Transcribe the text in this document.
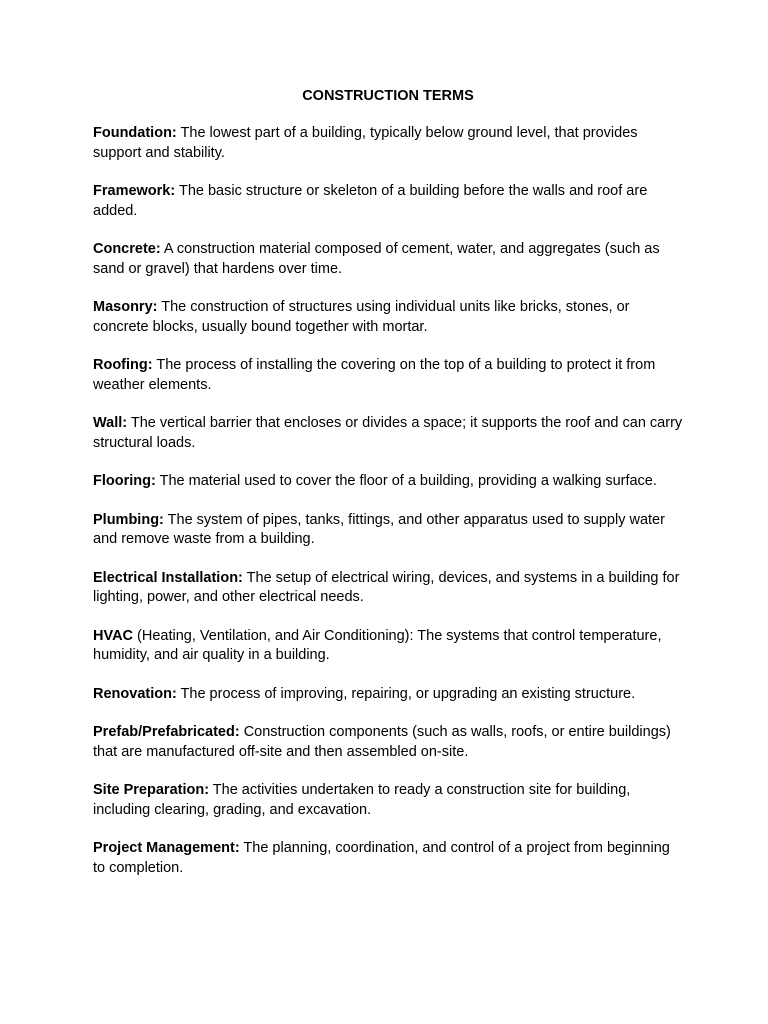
CONSTRUCTION TERMS

Foundation: The lowest part of a building, typically below ground level, that provides support and stability.

Framework: The basic structure or skeleton of a building before the walls and roof are added.

Concrete: A construction material composed of cement, water, and aggregates (such as sand or gravel) that hardens over time.

Masonry: The construction of structures using individual units like bricks, stones, or concrete blocks, usually bound together with mortar.

Roofing: The process of installing the covering on the top of a building to protect it from weather elements.

Wall: The vertical barrier that encloses or divides a space; it supports the roof and can carry structural loads.

Flooring: The material used to cover the floor of a building, providing a walking surface.

Plumbing: The system of pipes, tanks, fittings, and other apparatus used to supply water and remove waste from a building.

Electrical Installation: The setup of electrical wiring, devices, and systems in a building for lighting, power, and other electrical needs.

HVAC (Heating, Ventilation, and Air Conditioning): The systems that control temperature, humidity, and air quality in a building.

Renovation: The process of improving, repairing, or upgrading an existing structure.

Prefab/Prefabricated: Construction components (such as walls, roofs, or entire buildings) that are manufactured off-site and then assembled on-site.

Site Preparation: The activities undertaken to ready a construction site for building, including clearing, grading, and excavation.

Project Management: The planning, coordination, and control of a project from beginning to completion.
